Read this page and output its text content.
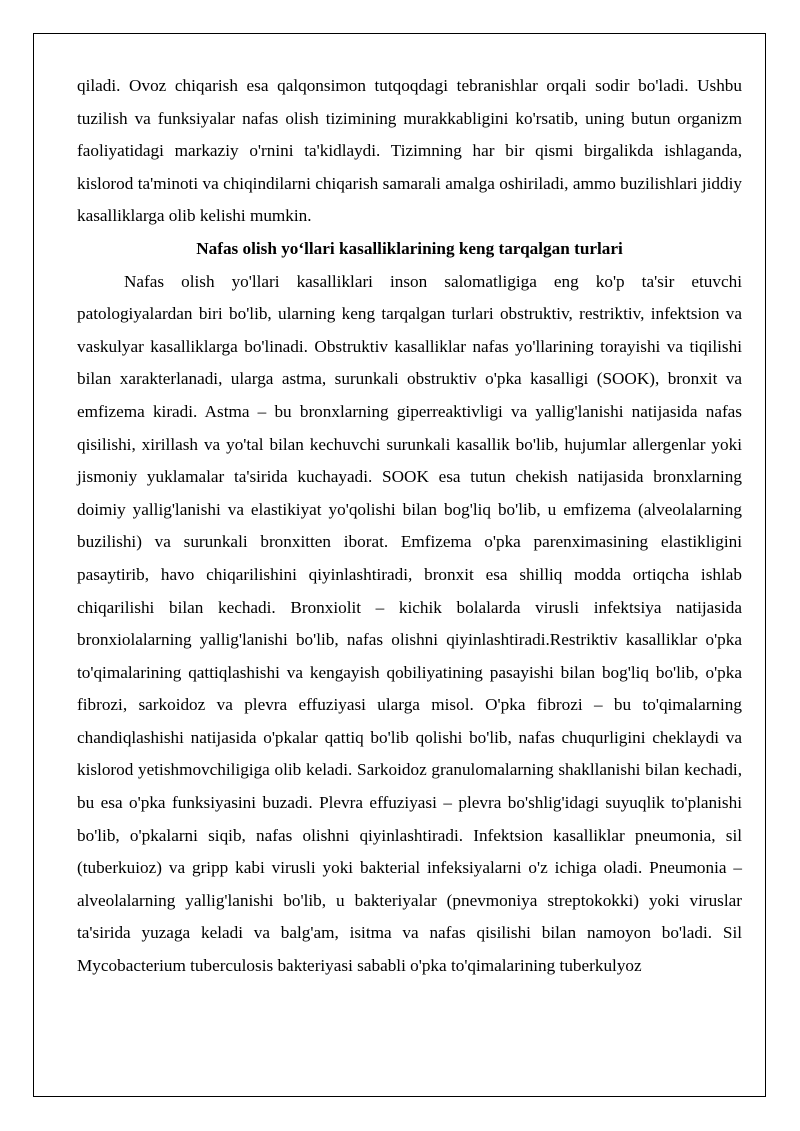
qiladi. Ovoz chiqarish esa qalqonsimon tutqoqdagi tebranishlar orqali sodir bo'ladi. Ushbu tuzilish va funksiyalar nafas olish tizimining murakkabligini ko'rsatib, uning butun organizm faoliyatidagi markaziy o'rnini ta'kidlaydi. Tizimning har bir qismi birgalikda ishlaganda, kislorod ta'minoti va chiqindilarni chiqarish samarali amalga oshiriladi, ammo buzilishlari jiddiy kasalliklarga olib kelishi mumkin.

Nafas olish yo‘llari kasalliklarining keng tarqalgan turlari

Nafas olish yo'llari kasalliklari inson salomatligiga eng ko'p ta'sir etuvchi patologiyalardan biri bo'lib, ularning keng tarqalgan turlari obstruktiv, restriktiv, infektsion va vaskulyar kasalliklarga bo'linadi. Obstruktiv kasalliklar nafas yo'llarining torayishi va tiqilishi bilan xarakterlanadi, ularga astma, surunkali obstruktiv o'pka kasalligi (SOOK), bronxit va emfizema kiradi. Astma – bu bronxlarning giperreaktivligi va yallig'lanishi natijasida nafas qisilishi, xirillash va yo'tal bilan kechuvchi surunkali kasallik bo'lib, hujumlar allergenlar yoki jismoniy yuklamalar ta'sirida kuchayadi. SOOK esa tutun chekish natijasida bronxlarning doimiy yallig'lanishi va elastikiyat yo'qolishi bilan bog'liq bo'lib, u emfizema (alveolalarning buzilishi) va surunkali bronxitten iborat. Emfizema o'pka parenximasining elastikligini pasaytirib, havo chiqarilishini qiyinlashtiradi, bronxit esa shilliq modda ortiqcha ishlab chiqarilishi bilan kechadi. Bronxiolit – kichik bolalarda virusli infektsiya natijasida bronxiolalarning yallig'lanishi bo'lib, nafas olishni qiyinlashtiradi.Restriktiv kasalliklar o'pka to'qimalarining qattiqlashishi va kengayish qobiliyatining pasayishi bilan bog'liq bo'lib, o'pka fibrozi, sarkoidoz va plevra effuziyasi ularga misol. O'pka fibrozi – bu to'qimalarning chandiqlashishi natijasida o'pkalar qattiq bo'lib qolishi bo'lib, nafas chuqurligini cheklaydi va kislorod yetishmovchiligiga olib keladi. Sarkoidoz granulomalarning shakllanishi bilan kechadi, bu esa o'pka funksiyasini buzadi. Plevra effuziyasi – plevra bo'shlig'idagi suyuqlik to'planishi bo'lib, o'pkalarni siqib, nafas olishni qiyinlashtiradi. Infektsion kasalliklar pneumonia, sil (tuberkuioz) va gripp kabi virusli yoki bakterial infeksiyalarni o'z ichiga oladi. Pneumonia – alveolalarning yallig'lanishi bo'lib, u bakteriyalar (pnevmoniya streptokokki) yoki viruslar ta'sirida yuzaga keladi va balg'am, isitma va nafas qisilishi bilan namoyon bo'ladi. Sil Mycobacterium tuberculosis bakteriyasi sababli o'pka to'qimalarining tuberkulyoz
